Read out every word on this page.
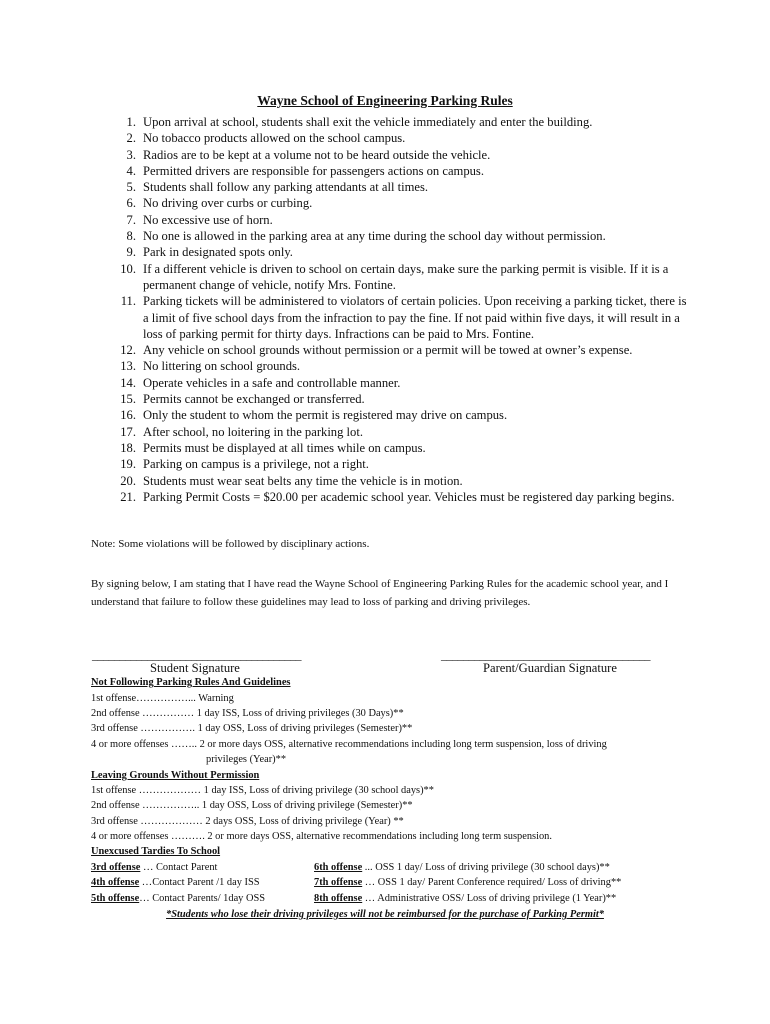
Wayne School of Engineering Parking Rules
1. Upon arrival at school, students shall exit the vehicle immediately and enter the building.
2. No tobacco products allowed on the school campus.
3. Radios are to be kept at a volume not to be heard outside the vehicle.
4. Permitted drivers are responsible for passengers actions on campus.
5. Students shall follow any parking attendants at all times.
6. No driving over curbs or curbing.
7. No excessive use of horn.
8. No one is allowed in the parking area at any time during the school day without permission.
9. Park in designated spots only.
10. If a different vehicle is driven to school on certain days, make sure the parking permit is visible. If it is a permanent change of vehicle, notify Mrs. Fontine.
11. Parking tickets will be administered to violators of certain policies. Upon receiving a parking ticket, there is a limit of five school days from the infraction to pay the fine. If not paid within five days, it will result in a loss of parking permit for thirty days. Infractions can be paid to Mrs. Fontine.
12. Any vehicle on school grounds without permission or a permit will be towed at owner’s expense.
13. No littering on school grounds.
14. Operate vehicles in a safe and controllable manner.
15. Permits cannot be exchanged or transferred.
16. Only the student to whom the permit is registered may drive on campus.
17. After school, no loitering in the parking lot.
18. Permits must be displayed at all times while on campus.
19. Parking on campus is a privilege, not a right.
20. Students must wear seat belts any time the vehicle is in motion.
21. Parking Permit Costs = $20.00 per academic school year. Vehicles must be registered day parking begins.
Note: Some violations will be followed by disciplinary actions.
By signing below, I am stating that I have read the Wayne School of Engineering Parking Rules for the academic school year, and I understand that failure to follow these guidelines may lead to loss of parking and driving privileges.
______________________________________
Student Signature
______________________________________
Parent/Guardian Signature
Not Following Parking Rules And Guidelines
1st offense……………... Warning
2nd offense …………… 1 day ISS, Loss of driving privileges (30 Days)**
3rd offense ……………. 1 day OSS, Loss of driving privileges (Semester)**
4 or more offenses …….. 2 or more days OSS, alternative recommendations including long term suspension, loss of driving
privileges (Year)**
Leaving Grounds Without Permission
1st offense ……………… 1 day ISS, Loss of driving privilege (30 school days)**
2nd offense …………….. 1 day OSS, Loss of driving privilege (Semester)**
3rd offense ……………… 2 days OSS, Loss of driving privilege (Year) **
4 or more offenses ………. 2 or more days OSS, alternative recommendations including long term suspension.
Unexcused Tardies To School
3rd offense … Contact Parent	6th offense ... OSS 1 day/ Loss of driving privilege (30 school days)**
4th offense …Contact Parent /1 day ISS	7th offense … OSS 1 day/ Parent Conference required/ Loss of driving**
5th offense… Contact Parents/ 1day OSS	8th offense … Administrative OSS/ Loss of driving privilege (1 Year)**
*Students who lose their driving privileges will not be reimbursed for the purchase of Parking Permit*
